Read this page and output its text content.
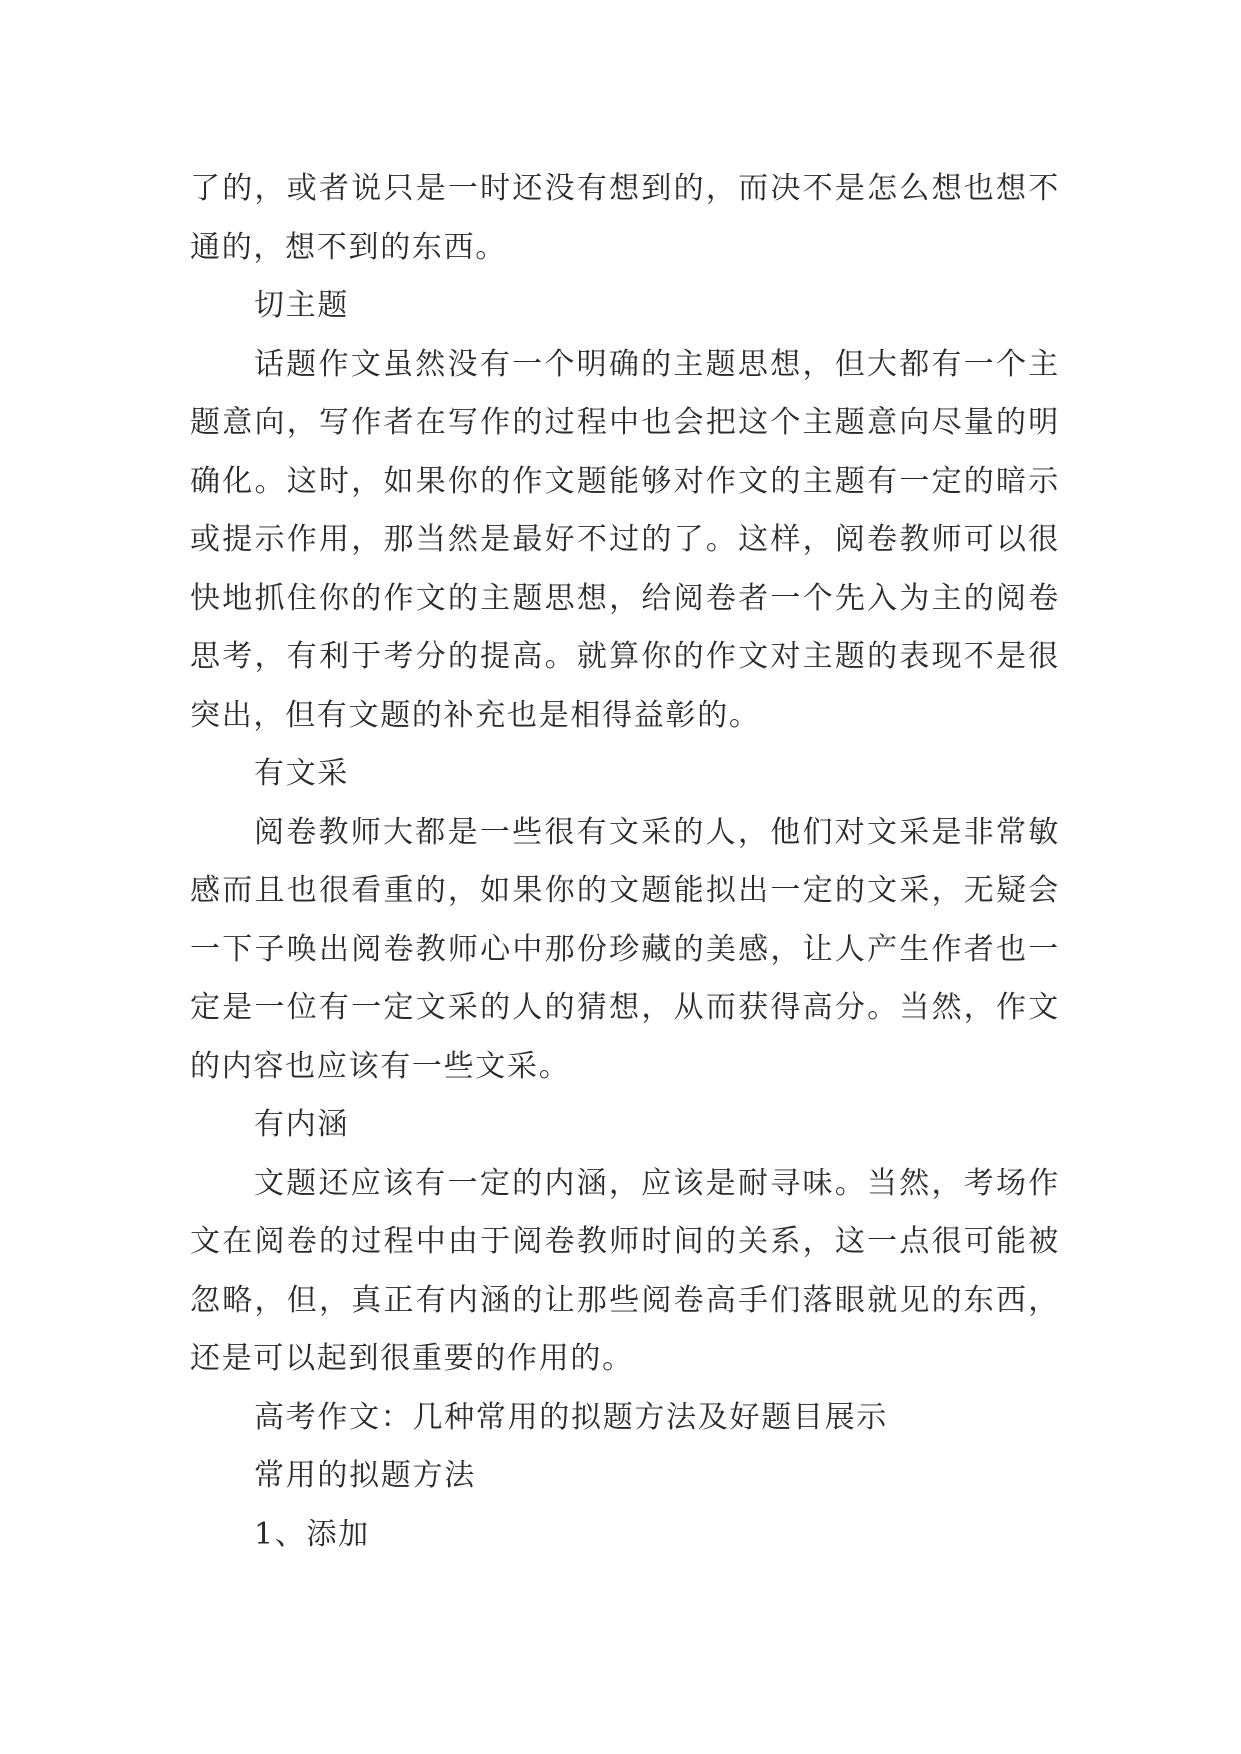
了的，或者说只是一时还没有想到的，而决不是怎么想也想不通的，想不到的东西。

切主题

话题作文虽然没有一个明确的主题思想，但大都有一个主题意向，写作者在写作的过程中也会把这个主题意向尽量的明确化。这时，如果你的作文题能够对作文的主题有一定的暗示或提示作用，那当然是最好不过的了。这样，阅卷教师可以很快地抓住你的作文的主题思想，给阅卷者一个先入为主的阅卷思考，有利于考分的提高。就算你的作文对主题的表现不是很突出，但有文题的补充也是相得益彰的。

有文采

阅卷教师大都是一些很有文采的人，他们对文采是非常敏感而且也很看重的，如果你的文题能拟出一定的文采，无疑会一下子唤出阅卷教师心中那份珍藏的美感，让人产生作者也一定是一位有一定文采的人的猜想，从而获得高分。当然，作文的内容也应该有一些文采。

有内涵

文题还应该有一定的内涵，应该是耐寻味。当然，考场作文在阅卷的过程中由于阅卷教师时间的关系，这一点很可能被忽略，但，真正有内涵的让那些阅卷高手们落眼就见的东西，还是可以起到很重要的作用的。

高考作文：几种常用的拟题方法及好题目展示

常用的拟题方法

1、添加
